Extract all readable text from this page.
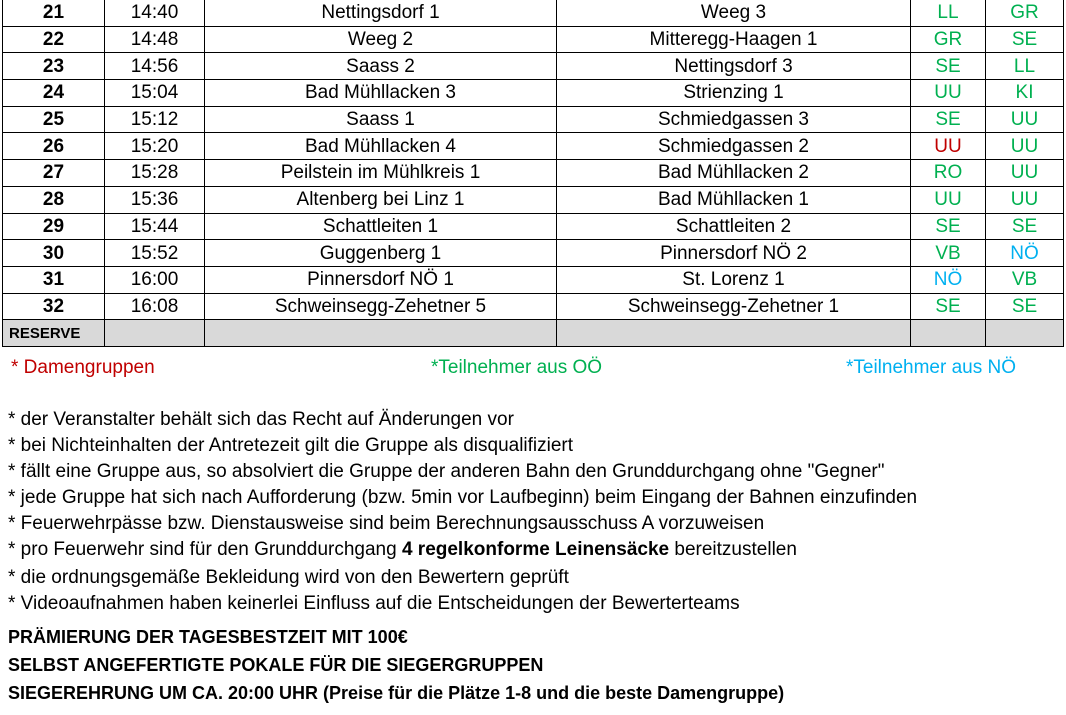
21	14:40	Nettingsdorf 1	Weeg 3	LL	GR
22	14:48	Weeg 2	Mitteregg-Haagen 1	GR	SE
23	14:56	Saass 2	Nettingsdorf 3	SE	LL
24	15:04	Bad Mühllacken 3	Strienzing 1	UU	KI
25	15:12	Saass 1	Schmiedgassen 3	SE	UU
26	15:20	Bad Mühllacken 4	Schmiedgassen 2	UU	UU
27	15:28	Peilstein im Mühlkreis 1	Bad Mühllacken 2	RO	UU
28	15:36	Altenberg bei Linz 1	Bad Mühllacken 1	UU	UU
29	15:44	Schattleiten 1	Schattleiten 2	SE	SE
30	15:52	Guggenberg 1	Pinnersdorf NÖ 2	VB	NÖ
31	16:00	Pinnersdorf NÖ 1	St. Lorenz 1	NÖ	VB
32	16:08	Schweinsegg-Zehetner 5	Schweinsegg-Zehetner 1	SE	SE
RESERVE					
* Damengruppen	*Teilnehmer aus OÖ	*Teilnehmer aus NÖ
* der Veranstalter behält sich das Recht auf Änderungen vor
* bei Nichteinhalten der Antretezeit gilt die Gruppe als disqualifiziert
* fällt eine Gruppe aus, so absolviert die Gruppe der anderen Bahn den Grunddurchgang ohne "Gegner"
* jede Gruppe hat sich nach Aufforderung (bzw. 5min vor Laufbeginn) beim Eingang der Bahnen einzufinden
* Feuerwehrpässe bzw. Dienstausweise sind beim Berechnungsausschuss A vorzuweisen
* pro Feuerwehr sind für den Grunddurchgang 4 regelkonforme Leinensäcke bereitzustellen
* die ordnungsgemäße Bekleidung wird von den Bewertern geprüft
* Videoaufnahmen haben keinerlei Einfluss auf die Entscheidungen der Bewerterteams
PRÄMIERUNG DER TAGESBESTZEIT MIT 100€
SELBST ANGEFERTIGTE POKALE FÜR DIE SIEGERGRUPPEN
SIEGEREHRUNG UM CA. 20:00 UHR (Preise für die Plätze 1-8 und die beste Damengruppe)
